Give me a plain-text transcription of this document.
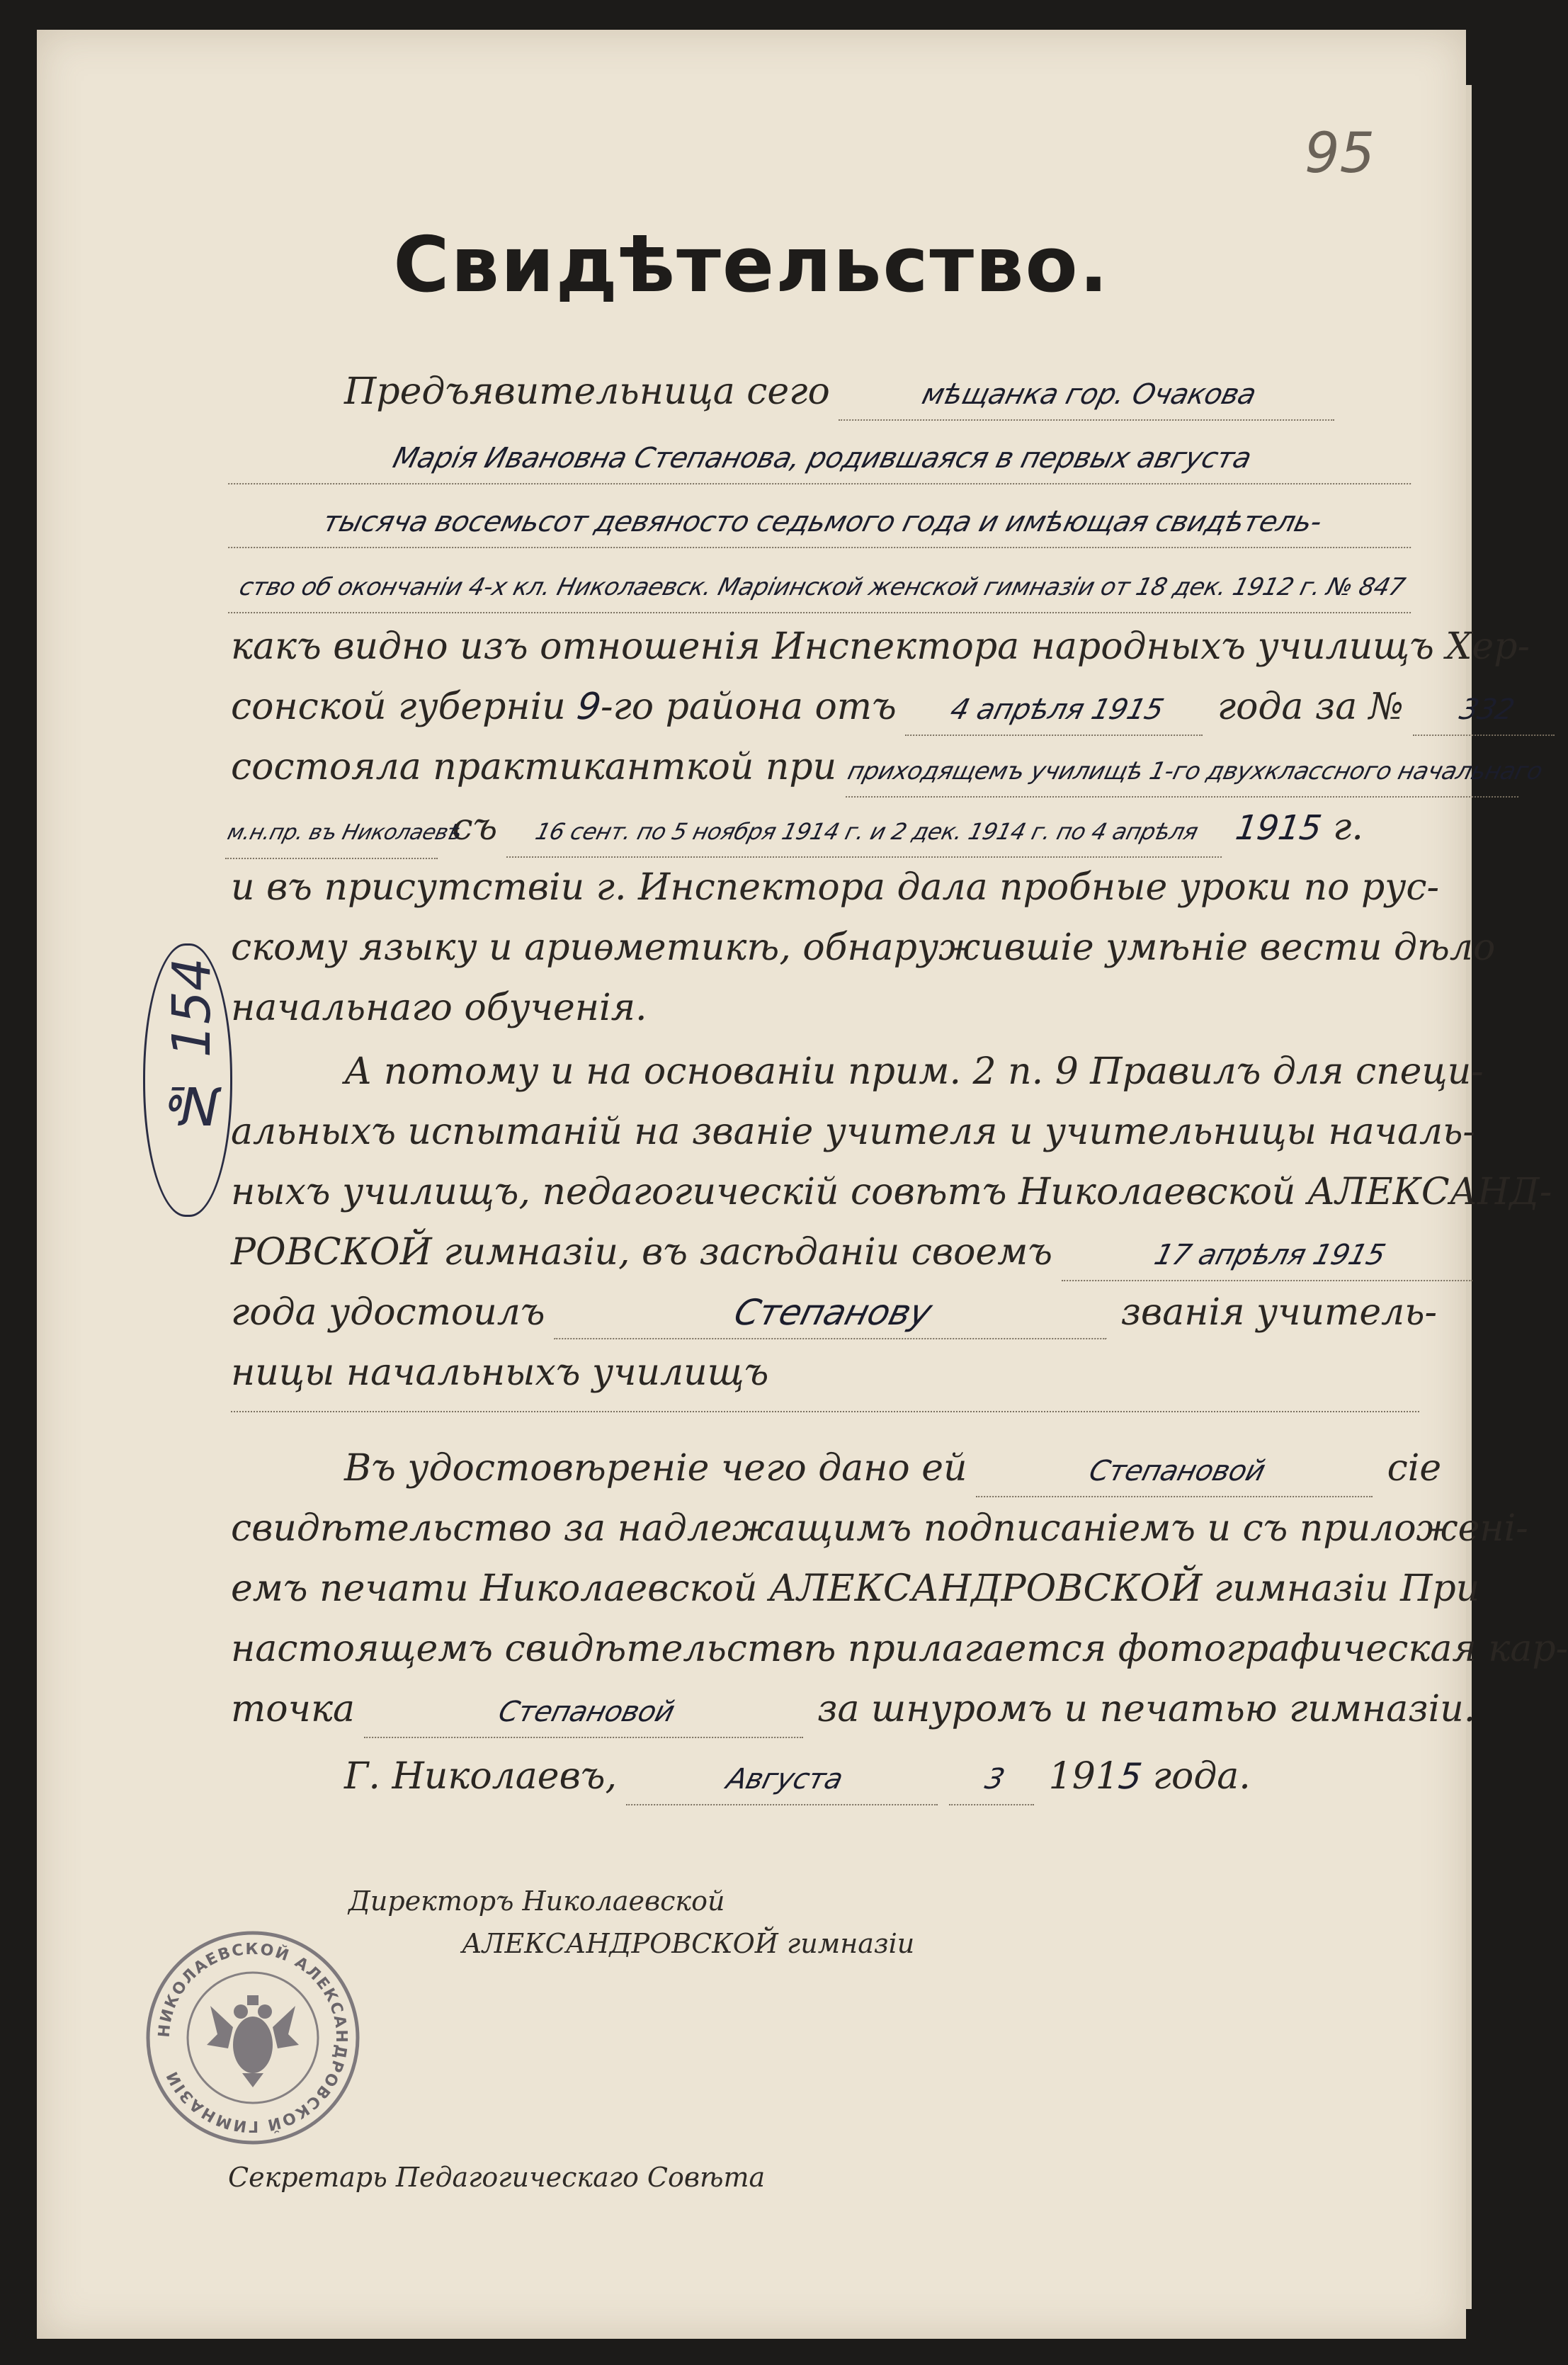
95
Свидѣтельство.
Предъявительница сего	мѣщанка гор. Очакова
Марія Ивановна Степанова, родившаяся в первых августа
тысяча восемьсот девяносто седьмого года и имѣющая свидѣтель-
ство об окончаніи 4-х кл. Николаевск. Маріинской женской гимназіи от 18 дек. 1912 г. № 847
какъ видно изъ отношенія Инспектора народныхъ училищъ Хер-
сонской губерніи 9-го района отъ 4 апрѣля 1915 года за № 332
состояла практиканткой при приходящемъ училищѣ 1-го двухклассного начальнаго
м.н.пр. въ Николаевѣ съ 16 сент. по 5 ноября 1914 г. и 2 дек. 1914 г. по 4 апрѣля 1915 г.
и въ присутствіи г. Инспектора дала пробные уроки по рус-
скому языку и ариѳметикѣ, обнаружившіе умѣніе вести дѣло
начальнаго обученія.
А потому и на основаніи прим. 2 п. 9 Правилъ для специ-
альныхъ испытаній на званіе учителя и учительницы началь-
ныхъ училищъ, педагогическій совѣтъ Николаевской АЛЕКСАНД-
РОВСКОЙ гимназіи, въ засѣданіи своемъ	17 апрѣля 1915
года удостоилъ	Степанову	званія учитель-
ницы начальныхъ училищъ
Въ удостовѣреніе чего дано ей	Степановой	сіе
свидѣтельство за надлежащимъ подписаніемъ и съ приложені-
емъ печати Николаевской АЛЕКСАНДРОВСКОЙ гимназіи При
настоящемъ свидѣтельствѣ прилагается фотографическая кар-
точка	Степановой	за шнуромъ и печатью гимназіи.
Г. Николаевъ,	Августа	3 1915 года.
№ 154
Директоръ Николаевской
АЛЕКСАНДРОВСКОЙ гимназіи
Секретарь Педагогическаго Совѣта
НИКОЛАЕВСКОЙ АЛЕКСАНДРОВСКОЙ ГИМНАЗІИ
